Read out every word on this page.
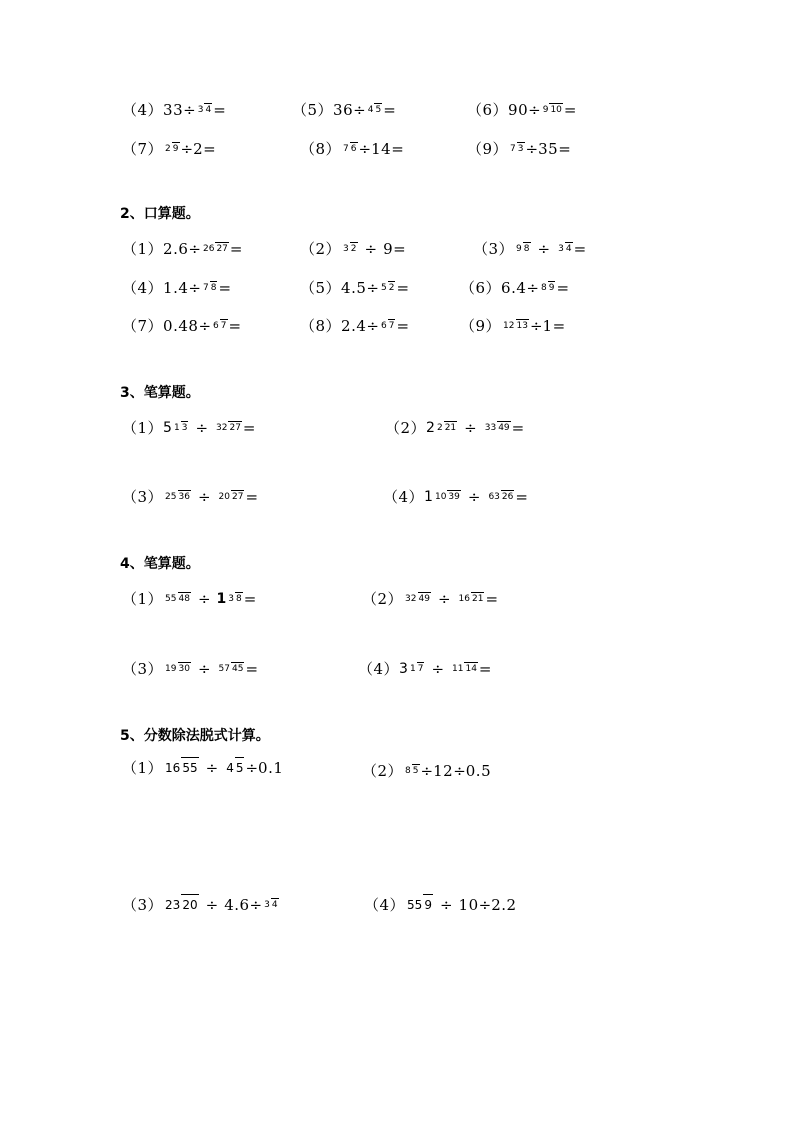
（4）33÷ 3 4 =	（5）36÷ 4 5 =	（6）90÷ 9 10 =
（7） 2 9 ÷2=	（8） 7 6 ÷14=	（9） 7 3 ÷35=
2、口算题。
（1）2.6÷ 26 27 =	（2） 3 2 ÷ 9=	（3） 9 8 ÷ 3 4 =
（4）1.4÷ 7 8 =	（5）4.5÷ 5 2 =	（6）6.4÷ 8 9 =
（7）0.48÷ 6 7 =	（8）2.4÷ 6 7 =	（9） 12 13 ÷1=
3、笔算题。
（1）5 1 3 ÷ 32 27 =	（2）2 2 21 ÷ 33 49 =
（3） 25 36 ÷ 20 27 =	（4）1 10 39 ÷ 63 26 =
4、笔算题。
（1） 55 48 ÷ 1 3 8 =	（2） 32 49 ÷ 16 21 =
（3） 19 30 ÷ 57 45 =	（4）3 1 7 ÷ 11 14 =
5、分数除法脱式计算。
（1） 16 55 ÷ 4 5 ÷0.1	（2） 8 5 ÷12÷0.5
（3） 23 20 ÷ 4.6÷ 3 4	（4） 55 9 ÷ 10÷2.2
